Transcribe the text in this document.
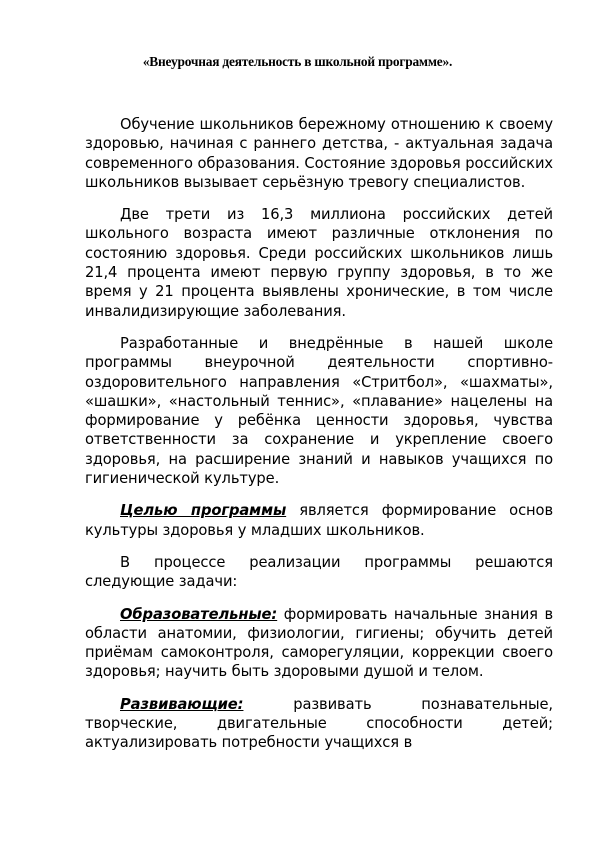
«Внеурочная деятельность в школьной программе».

Обучение школьников бережному отношению к своему здоровью, начиная с раннего детства, - актуальная задача современного образования. Состояние здоровья российских школьников вызывает серьёзную тревогу специалистов.

Две трети из 16,3 миллиона российских детей школьного возраста имеют различные отклонения по состоянию здоровья. Среди российских школьников лишь 21,4 процента имеют первую группу здоровья, в то же время у 21 процента выявлены хронические, в том числе инвалидизирующие заболевания.

Разработанные и внедрённые в нашей школе программы внеурочной деятельности спортивно-оздоровительного направления «Стритбол», «шахматы», «шашки», «настольный теннис», «плавание» нацелены на формирование у ребёнка ценности здоровья, чувства ответственности за сохранение и укрепление своего здоровья, на расширение знаний и навыков учащихся по гигиенической культуре.

Целью программы является формирование основ культуры здоровья у младших школьников.

В процессе реализации программы решаются следующие задачи:

Образовательные: формировать начальные знания в области анатомии, физиологии, гигиены; обучить детей приёмам самоконтроля, саморегуляции, коррекции своего здоровья; научить быть здоровыми душой и телом.

Развивающие: развивать познавательные, творческие, двигательные способности детей; актуализировать потребности учащихся в
